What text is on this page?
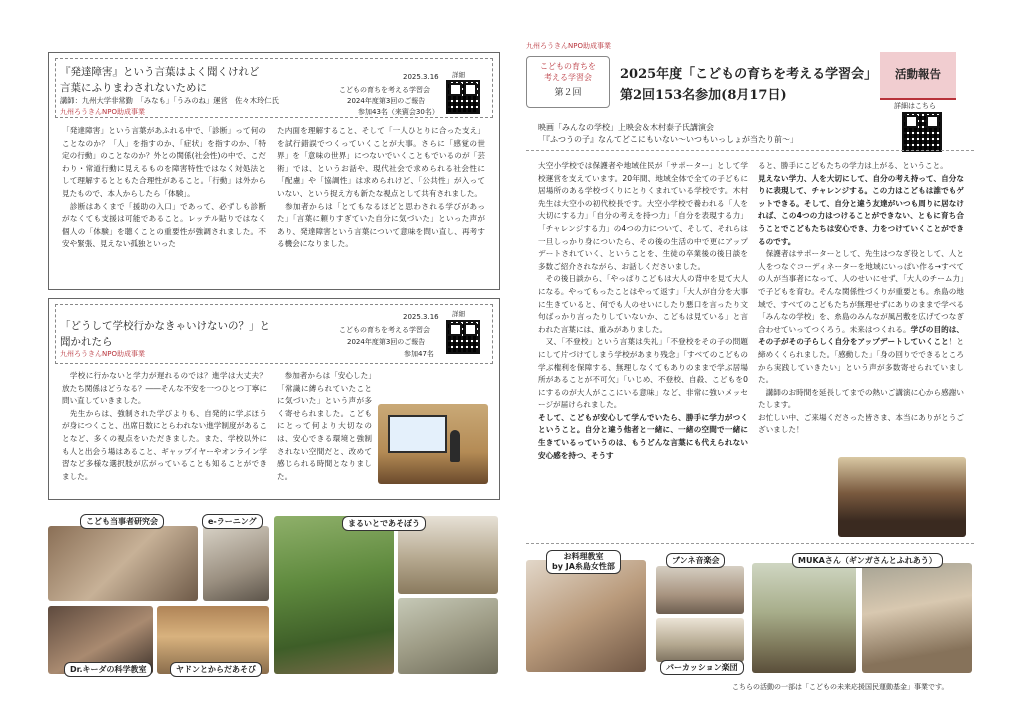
『発達障害』という言葉はよく聞くけれど
言葉にふりまわされないために
講師：九州大学非常勤　「みなも」「うみのね」運営　佐々木玲仁氏
九州ろうきんNPO助成事業
2025.3.16
こどもの育ちを考える学習会
2024年度第3回のご報告
参加43名（来賓会30名）
詳細
「発達障害」という言葉があふれる中で、「診断」って何のことなのか？「人」を指すのか、「症状」を指すのか、「特定の行動」のことなのか？外との関係(社会性)の中で、こだわり・常道行動に見えるものを障害特性ではなく対処法として理解するとともた合理性があること。「行動」は外から見たもので、本人からしたら「体験」。
　診断はあくまで「援助の入口」であって、必ずしも診断がなくても支援は可能であること。レッテル貼りではなく個人の「体験」を聴くことの重要性が強調されました。不安や緊張、見えない孤独といった
た内面を理解すること、そして「一人ひとりに合った支え」を試行錯誤でつくっていくことが大事。さらに「感覚の世界」を「意味の世界」につないでいくこともでいるのが「芸術」では、というお話や、現代社会で求められる社会性に「配慮」や「協調性」は求められけど、「公共性」が入っていない、という捉え方も新たな視点として共有されました。
　参加者からは「とてもなるほどと思わされる学びがあった」「言葉に頼りすぎていた自分に気づいた」といった声があり、発達障害という言葉について意味を問い直し、再考する機会になりました。
「どうして学校行かなきゃいけないの？」と
聞かれたら
九州ろうきんNPO助成事業
2025.3.16
こどもの育ちを考える学習会
2024年度第3回のご報告
参加47名
詳細
　学校に行かないと学力が遅れるのでは？進学は大丈夫？放たち関係はどうなる？――そんな不安を一つひとつ丁寧に問い直していきました。
　先生からは、強制された学びよりも、自発的に学ぶほうが身につくこと、出席日数にとらわれない進学制度があることなど、多くの視点をいただきました。また、学校以外にも人と出会う場はあること、ギャップイヤーやオンライン学習など多様な選択肢が広がっていることも知ることができました。
　参加者からは「安心した」「常識に縛られていたことに気づいた」という声が多く寄せられました。こどもにとって何より大切なのは、安心できる環境と強制されない空間だと、改めて感じられる時間となりました。
こども当事者研究会	e-ラーニング	まるいとであそぼう
Dr.キーダの科学教室	ヤドンとからだあそび
九州ろうきんNPO助成事業
こどもの育ちを
考える学習会
第２回
2025年度「こどもの育ちを考える学習会」
第2回153名参加(8月17日)
活動報告
詳細はこちら
映画「みんなの学校」上映会＆木村泰子氏講演会
「『ふつうの子』なんてどこにもいない～いつもいっしょが当たり前～」
大空小学校では保護者や地域住民が「サポーター」として学校運営を支えています。20年間、地域全体で全ての子どもに居場所のある学校づくりにとりくまれている学校です。木村先生は大空小の初代校長です。大空小学校で養われる「人を大切にする力」「自分の考えを持つ力」「自分を表現する力」「チャレンジする力」の4つの力について、そして、それらは一旦しっかり身についたら、その後の生活の中で更にアップデートされていく、ということを、生徒の卒業後の後日談を多数ご紹介されながら、お話しくださいました。
　その後日談から、「やっぱりこどもは大人の背中を見て大人になる。やってもったことはやって返す」「大人が自分を大事に生きていると、何でも人のせいにしたり悪口を言ったり文句ばっかり言ったりしていないか、こどもは見ている」と言われた言葉には、重みがありました。
　又、「不登校」という言葉は失礼」「不登校をその子の問題にして片づけてしまう学校があまり残念」「すべてのこどもの学ぶ権利を保障する、無理しなくてもありのままで学ぶ居場所があることが不可欠」「いじめ、不登校、自殺、こどもを0にするのが大人がここにいる意味」など、非常に強いメッセージが届けられました。
そして、こどもが安心して学んでいたら、勝手に学力がつくということ。自分と違う他者と一緒に、一緒の空間で一緒に生きているっていうのは、もうどんな言葉にも代えられない安心感を持つ、そうす
ると、勝手にこどもたちの学力は上がる、ということ。
見えない学力、人を大切にして、自分の考え持って、自分なりに表現して、チャレンジする。この力はこどもは誰でもゲットできる。そして、自分と違う友達がいつも周りに居なければ、この4つの力はつけることができない、ともに育ち合うことでこどもたちは安心でき、力をつけていくことができるのです。
　保護者はサポーターとして、先生はつなぎ役として、人と人をつなぐコーディネーターを地域にいっぱい作る→すべての人が当事者になって、人のせいにせず、「大人のチーム力」で子どもを育む。そんな関係性づくりが重要とも。糸島の地域で、すべてのこどもたちが無理せずにありのままで学べる「みんなの学校」を、糸島のみんなが風呂敷を広げてつなぎ合わせていってつくろう。未来はつくれる。学びの目的は、その子がその子らしく自分をアップデートしていくこと！と締めくくられました。「感動した」「身の回りでできるところから実践していきたい」という声が多数寄せられていました。
　講師のお時間を延長してまでの熱いご講演に心から感謝いたします。
お忙しい中、ご来場くださった皆さま、本当にありがとうございました！
お料理教室
by JA糸島女性部
ブンネ音楽会
パーカッション楽団
MUKAさん（ギンガさんとふれあう）
こちらの活動の一部は「こどもの未来応援国民運動基金」事業です。
